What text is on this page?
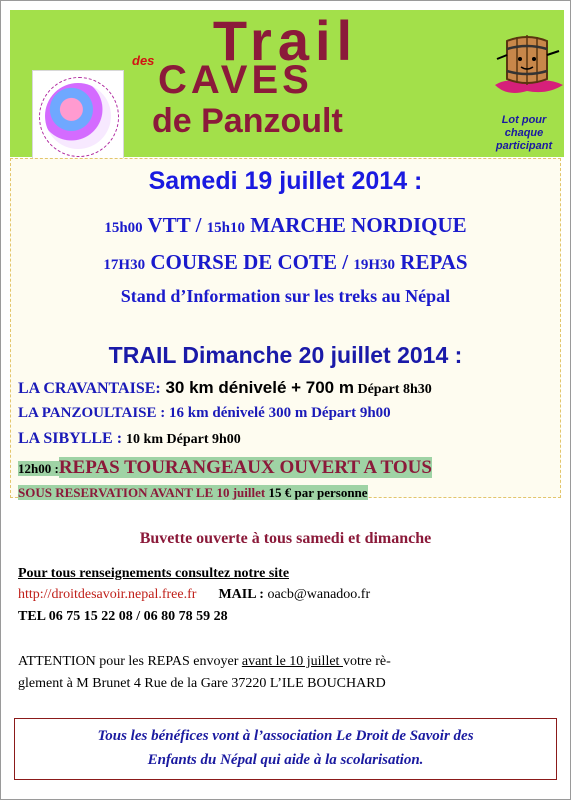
Lot pour
chaque
participant
Trail
des CAVES
de Panzoult
Samedi 19 juillet 2014 :
15h00 VTT / 15h10 MARCHE NORDIQUE
17H30 COURSE DE COTE / 19H30 REPAS
Stand d’Information sur les treks au Népal
TRAIL Dimanche 20 juillet 2014 :
LA CRAVANTAISE: 30 km dénivelé + 700 m Départ 8h30
LA PANZOULTAISE : 16 km dénivelé 300 m Départ 9h00
LA SIBYLLE : 10 km Départ 9h00
12h00 :REPAS TOURANGEAUX OUVERT A TOUS
SOUS RESERVATION AVANT LE 10 juillet 15 € par personne
Buvette ouverte à tous samedi et dimanche
Pour tous renseignements consultez notre site
http://droitdesavoir.nepal.free.fr MAIL : oacb@wanadoo.fr
TEL 06 75 15 22 08 / 06 80 78 59 28
ATTENTION pour les REPAS envoyer avant le 10 juillet votre rè-
glement à M Brunet 4 Rue de la Gare 37220 L’ILE BOUCHARD

Tous les bénéfices vont à l’association Le Droit de Savoir des

Enfants du Népal qui aide à la scolarisation.
